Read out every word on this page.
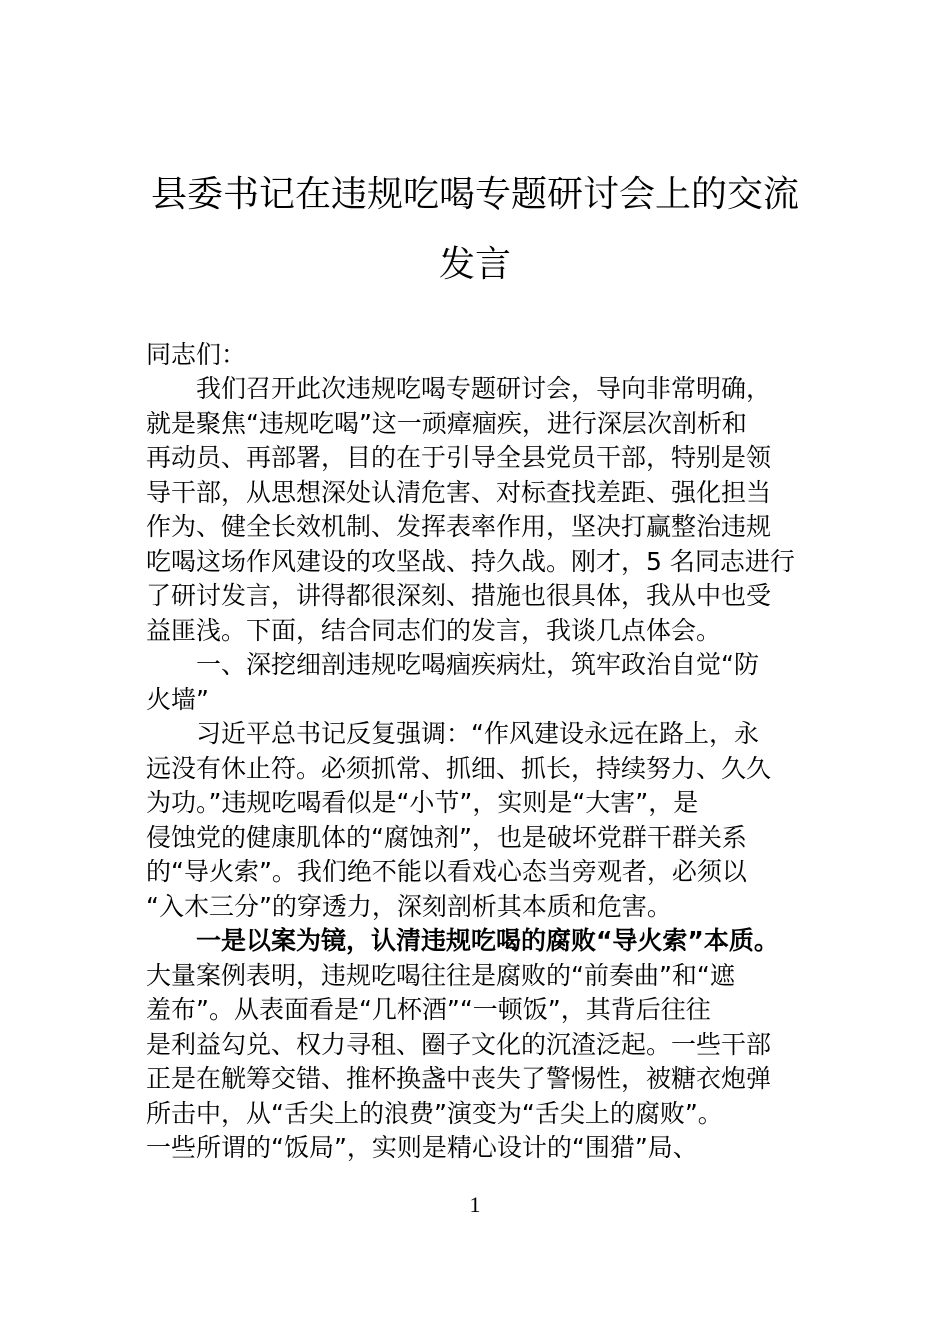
县委书记在违规吃喝专题研讨会上的交流
发言

同志们：

我们召开此次违规吃喝专题研讨会，导向非常明确，

就是聚焦“违规吃喝”这一顽瘴痼疾，进行深层次剖析和

再动员、再部署，目的在于引导全县党员干部，特别是领

导干部，从思想深处认清危害、对标查找差距、强化担当

作为、健全长效机制、发挥表率作用，坚决打赢整治违规

吃喝这场作风建设的攻坚战、持久战。刚才，5 名同志进行

了研讨发言，讲得都很深刻、措施也很具体，我从中也受

益匪浅。下面，结合同志们的发言，我谈几点体会。

一、深挖细剖违规吃喝痼疾病灶，筑牢政治自觉“防

火墙”

习近平总书记反复强调：“作风建设永远在路上，永

远没有休止符。必须抓常、抓细、抓长，持续努力、久久

为功。”违规吃喝看似是“小节”，实则是“大害”，是

侵蚀党的健康肌体的“腐蚀剂”，也是破坏党群干群关系

的“导火索”。我们绝不能以看戏心态当旁观者，必须以

“入木三分”的穿透力，深刻剖析其本质和危害。

一是以案为镜，认清违规吃喝的腐败“导火索”本质。

大量案例表明，违规吃喝往往是腐败的“前奏曲”和“遮

羞布”。从表面看是“几杯酒”“一顿饭”，其背后往往

是利益勾兑、权力寻租、圈子文化的沉渣泛起。一些干部

正是在觥筹交错、推杯换盏中丧失了警惕性，被糖衣炮弹

所击中，从“舌尖上的浪费”演变为“舌尖上的腐败”。

一些所谓的“饭局”，实则是精心设计的“围猎”局、

1
